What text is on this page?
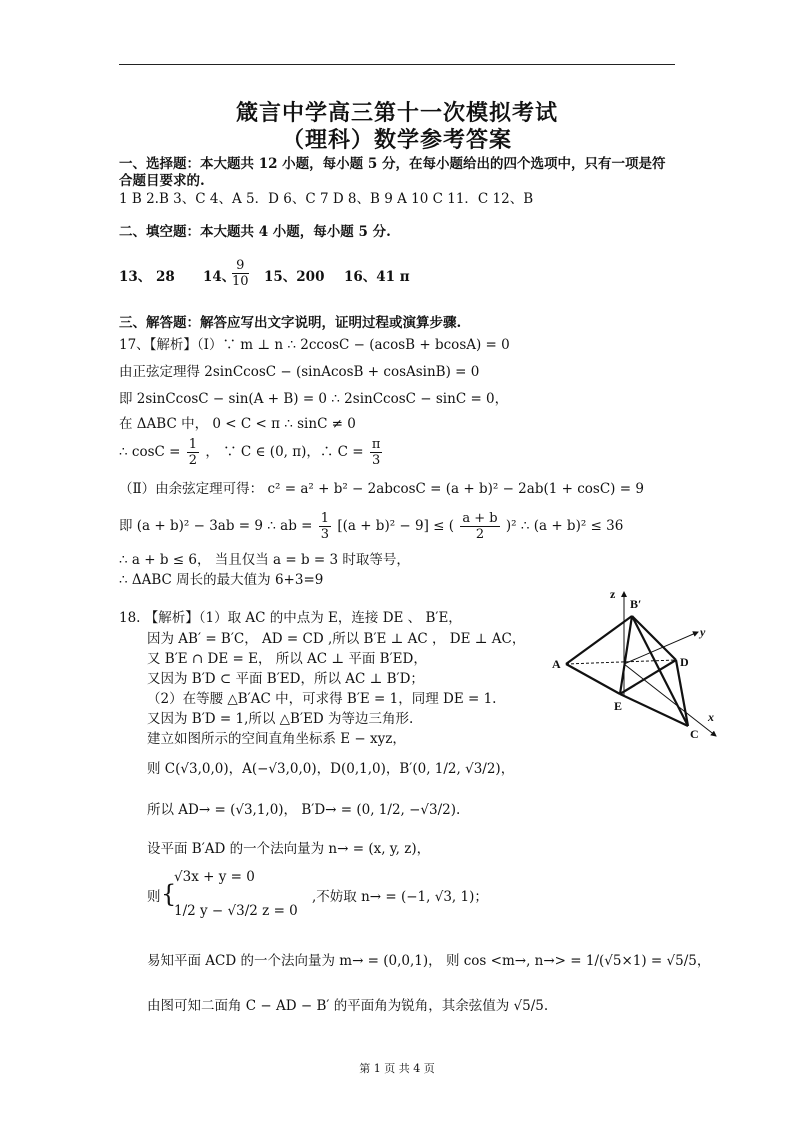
箴言中学高三第十一次模拟考试
（理科）数学参考答案
一、选择题：本大题共 12 小题，每小题 5 分，在每小题给出的四个选项中，只有一项是符
合题目要求的.
1 B 2.B 3、C 4、A 5．D 6、C 7 D 8、B 9 A 10 C 11．C 12、B
二、填空题：本大题共 4 小题，每小题 5 分.
13、 28 14、
$\frac{9}{10} 15$、200 16、41 π
三、解答题：解答应写出文字说明，证明过程或演算步骤.
17、【解析】（Ⅰ）∵ m ⊥ n ∴ 2ccosC − (acosB + bcosA) = 0
由正弦定理得 2sinCcosC − (sinAcosB + cosAsinB) = 0
即 2sinCcosC − sin(A + B) = 0 ∴ 2sinCcosC − sinC = 0，
在 ΔABC 中， 0 < C < π ∴ sinC ≠ 0
∴ $\cos C = \frac{1}{2}$ ， ∵ C ∈ (0, π)，∴ $C = \frac{\pi}{3}$
（Ⅱ）由余弦定理可得： c² = a² + b² − 2abcosC = (a + b)² − 2ab(1 + cosC) = 9
即 (a + b)² − 3ab = 9 ∴ ab = $\frac{1}{3} [(a + b)^2 - 9]$ ≤ ( $\frac{a + b}{2} )^2$ ∴ (a + b)² ≤ 36
∴ a + b ≤ 6， 当且仅当 a = b = 3 时取等号，
∴ ΔABC 周长的最大值为 6+3=9
18. 【解析】（1）取 AC 的中点为 E，连接 DE 、 B′E，
因为 AB′ = B′C， AD = CD ,所以 B′E ⊥ AC ， DE ⊥ AC，
又 B′E ∩ DE = E， 所以 AC ⊥ 平面 B′ED，
又因为 B′D ⊂ 平面 B′ED，所以 AC ⊥ B′D；
（2）在等腰 △B′AC 中，可求得 B′E = 1，同理 DE = 1.
又因为 B′D = 1,所以 △B′ED 为等边三角形.
建立如图所示的空间直角坐标系 E − xyz，
则 C(√3,0,0)，A(−√3,0,0)，D(0,1,0)，B′(0, 1/2, √3/2)，
所以 AD→ = (√3,1,0)， B′D→ = (0, 1/2, −√3/2).
设平面 B′AD 的一个法向量为 n→ = (x, y, z)，
则 {
√3x + y = 0
1/2 y − √3/2 z = 0
,不妨取 n→ = (−1, √3, 1)；
易知平面 ACD 的一个法向量为 m→ = (0,0,1)， 则 cos <m→, n→> = 1/(√5×1) = √5/5，
由图可知二面角 C − AD − B′ 的平面角为锐角，其余弦值为 √5/5.
z
y
x
A
B′
C
D
E
第 1 页 共 4 页
